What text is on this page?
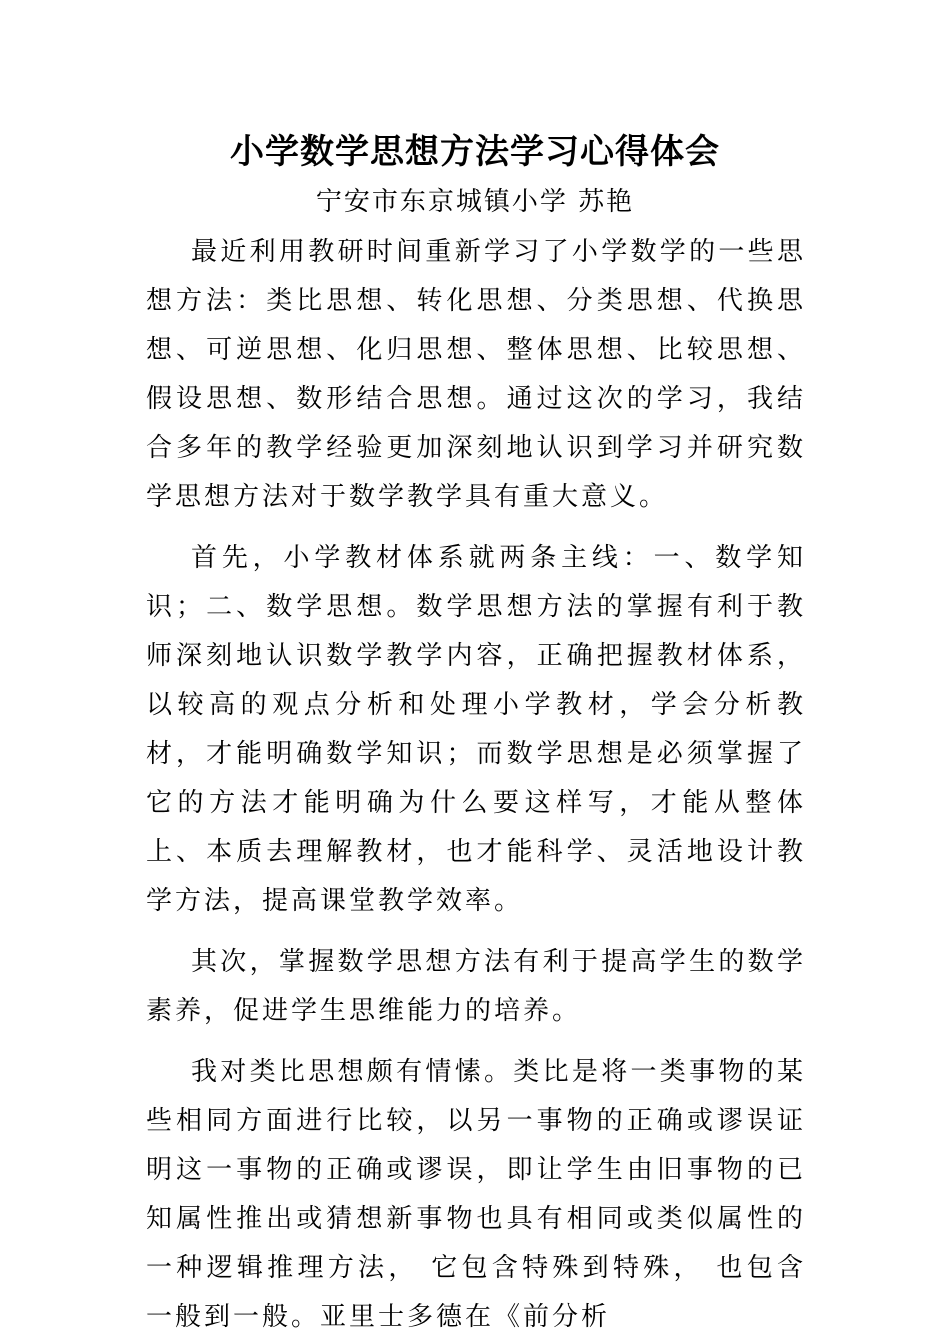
小学数学思想方法学习心得体会
宁安市东京城镇小学 苏艳

最近利用教研时间重新学习了小学数学的一些思想方法：类比思想、转化思想、分类思想、代换思想、可逆思想、化归思想、整体思想、比较思想、假设思想、数形结合思想。通过这次的学习，我结合多年的教学经验更加深刻地认识到学习并研究数学思想方法对于数学教学具有重大意义。

首先，小学教材体系就两条主线：一、数学知识；二、数学思想。数学思想方法的掌握有利于教师深刻地认识数学教学内容，正确把握教材体系，以较高的观点分析和处理小学教材，学会分析教材，才能明确数学知识；而数学思想是必须掌握了它的方法才能明确为什么要这样写，才能从整体上、本质去理解教材，也才能科学、灵活地设计教学方法，提高课堂教学效率。

其次，掌握数学思想方法有利于提高学生的数学素养，促进学生思维能力的培养。

我对类比思想颇有情愫。类比是将一类事物的某些相同方面进行比较，以另一事物的正确或谬误证明这一事物的正确或谬误，即让学生由旧事物的已知属性推出或猜想新事物也具有相同或类似属性的一种逻辑推理方法， 它包含特殊到特殊， 也包含一般到一般。亚里士多德在《前分析
